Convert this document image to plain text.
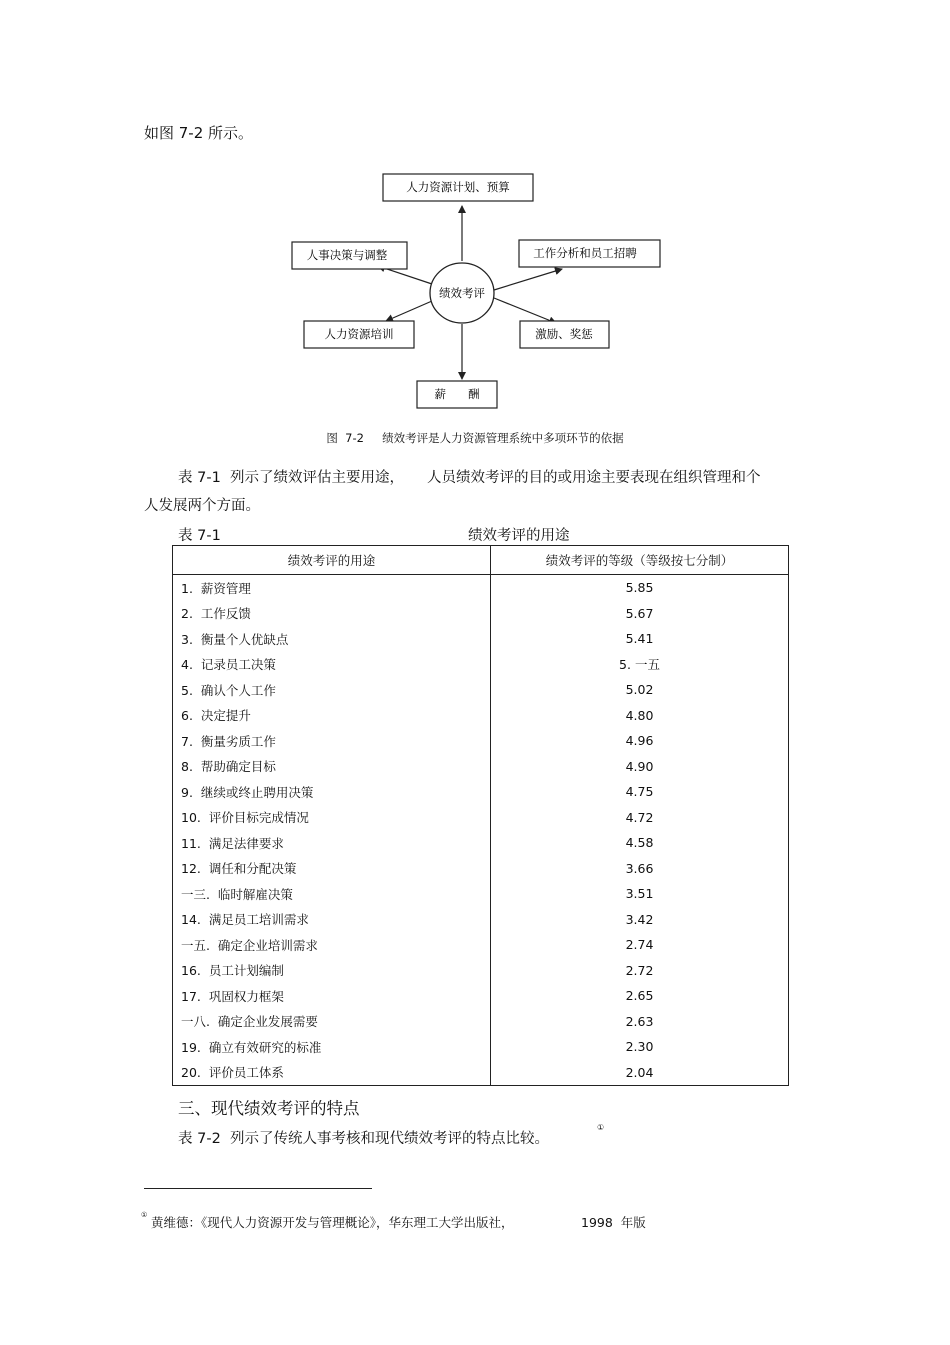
如图 7-2 所示。
绩效考评
人力资源计划、预算
人事决策与调整	工作分析和员工招聘
人力资源培训	激励、奖惩
薪      酬
图  7-2     绩效考评是人力资源管理系统中多项环节的依据
表 7-1  列示了绩效评估主要用途，     人员绩效考评的目的或用途主要表现在组织管理和个
人发展两个方面。
表 7-1	绩效考评的用途
绩效考评的用途	绩效考评的等级（等级按七分制）
1.  薪资管理	5.85
2.  工作反馈	5.67
3.  衡量个人优缺点	5.41
4.  记录员工决策	5. 一五
5.  确认个人工作	5.02
6.  决定提升	4.80
7.  衡量劣质工作	4.96
8.  帮助确定目标	4.90
9.  继续或终止聘用决策	4.75
10.  评价目标完成情况	4.72
11.  满足法律要求	4.58
12.  调任和分配决策	3.66
一三.  临时解雇决策	3.51
14.  满足员工培训需求	3.42
一五.  确定企业培训需求	2.74
16.  员工计划编制	2.72
17.  巩固权力框架	2.65
一八.  确定企业发展需要	2.63
19.  确立有效研究的标准	2.30
20.  评价员工体系	2.04
三、现代绩效考评的特点
表 7-2  列示了传统人事考核和现代绩效考评的特点比较。
①
① 黄维德：《现代人力资源开发与管理概论》，华东理工大学出版社，	1998  年版
